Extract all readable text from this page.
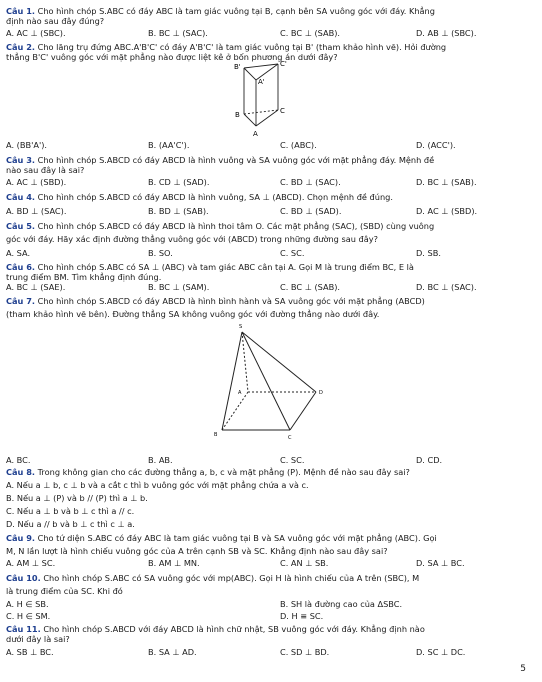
Câu 1. Cho hình chóp S.ABC có đáy ABC là tam giác vuông tại B, cạnh bên SA vuông góc với đáy. Khẳng
định nào sau đây đúng?
A. AC ⊥ (SBC).	B. BC ⊥ (SAC).	C. BC ⊥ (SAB).	D. AB ⊥ (SBC).
Câu 2. Cho lăng trụ đứng ABC.A'B'C' có đáy A'B'C' là tam giác vuông tại B' (tham khảo hình vẽ). Hỏi đường
thẳng B'C' vuông góc với mặt phẳng nào được liệt kê ở bốn phương án dưới đây?
B'	C'
A'
B	C
A
A. (BB'A').	B. (AA'C').	C. (ABC).	D. (ACC').
Câu 3. Cho hình chóp S.ABCD có đáy ABCD là hình vuông và SA vuông góc với mặt phẳng đáy. Mệnh đề
nào sau đây là sai?
A. AC ⊥ (SBD).	B. CD ⊥ (SAD).	C. BD ⊥ (SAC).	D. BC ⊥ (SAB).
Câu 4. Cho hình chóp S.ABCD có đáy ABCD là hình vuông, SA ⊥ (ABCD). Chọn mệnh đề đúng.
A. BD ⊥ (SAC).	B. BD ⊥ (SAB).	C. BD ⊥ (SAD).	D. AC ⊥ (SBD).
Câu 5. Cho hình chóp S.ABCD có đáy ABCD là hình thoi tâm O. Các mặt phẳng (SAC), (SBD) cùng vuông
góc với đáy. Hãy xác định đường thẳng vuông góc với (ABCD) trong những đường sau đây?
A. SA.	B. SO.	C. SC.	D. SB.
Câu 6. Cho hình chóp S.ABC có SA ⊥ (ABC) và tam giác ABC cân tại A. Gọi M là trung điểm BC, E là
trung điểm BM. Tìm khẳng định đúng.
A. BC ⊥ (SAE).	B. BC ⊥ (SAM).	C. BC ⊥ (SAB).	D. BC ⊥ (SAC).
Câu 7. Cho hình chóp S.ABCD có đáy ABCD là hình bình hành và SA vuông góc với mặt phẳng (ABCD)
(tham khảo hình vẽ bên). Đường thẳng SA không vuông góc với đường thẳng nào dưới đây.
S
A	D
B	C
A. BC.	B. AB.	C. SC.	D. CD.
Câu 8. Trong không gian cho các đường thẳng a, b, c và mặt phẳng (P). Mệnh đề nào sau đây sai?
A. Nếu a ⊥ b, c ⊥ b và a cắt c thì b vuông góc với mặt phẳng chứa a và c.
B. Nếu a ⊥ (P) và b // (P) thì a ⊥ b.
C. Nếu a ⊥ b và b ⊥ c thì a // c.
D. Nếu a // b và b ⊥ c thì c ⊥ a.
Câu 9. Cho tứ diện S.ABC có đáy ABC là tam giác vuông tại B và SA vuông góc với mặt phẳng (ABC). Gọi
M, N lần lượt là hình chiếu vuông góc của A trên cạnh SB và SC. Khẳng định nào sau đây sai?
A. AM ⊥ SC.	B. AM ⊥ MN.	C. AN ⊥ SB.	D. SA ⊥ BC.
Câu 10. Cho hình chóp S.ABC có SA vuông góc với mp(ABC). Gọi H là hình chiếu của A trên (SBC), M
là trung điểm của SC. Khi đó
A. H ∈ SB.	B. SH là đường cao của ΔSBC.
C. H ∈ SM.	D. H ≡ SC.
Câu 11. Cho hình chóp S.ABCD với đáy ABCD là hình chữ nhật, SB vuông góc với đáy. Khẳng định nào
dưới đây là sai?
A. SB ⊥ BC.	B. SA ⊥ AD.	C. SD ⊥ BD.	D. SC ⊥ DC.
5
